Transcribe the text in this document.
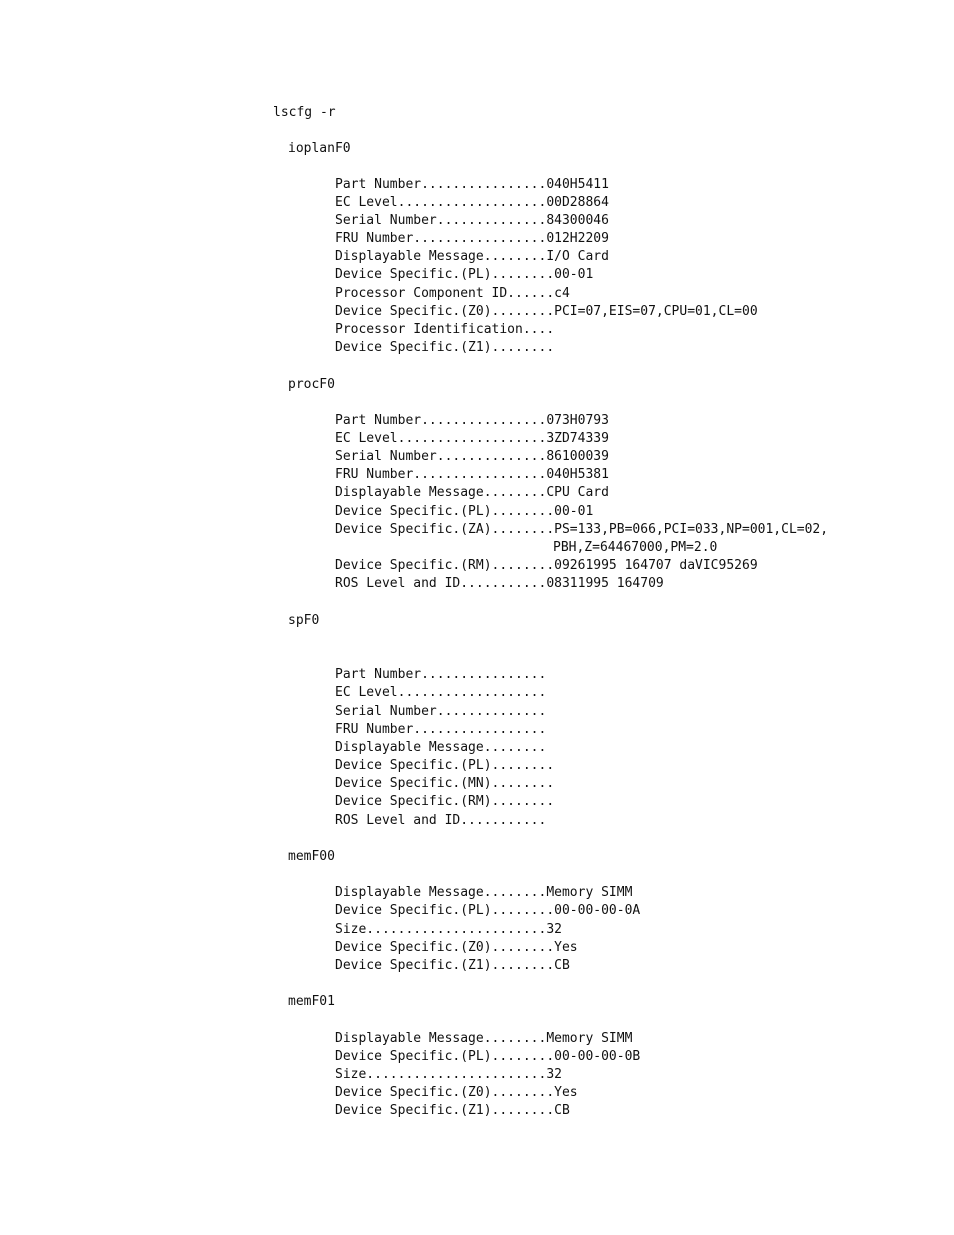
lscfg -r
ioplanF0
Part Number................040H5411
EC Level...................00D28864
Serial Number..............84300046
FRU Number.................012H2209
Displayable Message........I/O Card
Device Specific.(PL)........00-01
Processor Component ID......c4
Device Specific.(Z0)........PCI=07,EIS=07,CPU=01,CL=00
Processor Identification....
Device Specific.(Z1)........
procF0
Part Number................073H0793
EC Level...................3ZD74339
Serial Number..............86100039
FRU Number.................040H5381
Displayable Message........CPU Card
Device Specific.(PL)........00-01
Device Specific.(ZA)........PS=133,PB=066,PCI=033,NP=001,CL=02,
PBH,Z=64467000,PM=2.0
Device Specific.(RM)........09261995 164707 daVIC95269
ROS Level and ID...........08311995 164709
spF0
Part Number................
EC Level...................
Serial Number..............
FRU Number.................
Displayable Message........
Device Specific.(PL)........
Device Specific.(MN)........
Device Specific.(RM)........
ROS Level and ID...........
memF00
Displayable Message........Memory SIMM
Device Specific.(PL)........00-00-00-0A
Size.......................32
Device Specific.(Z0)........Yes
Device Specific.(Z1)........CB
memF01
Displayable Message........Memory SIMM
Device Specific.(PL)........00-00-00-0B
Size.......................32
Device Specific.(Z0)........Yes
Device Specific.(Z1)........CB
